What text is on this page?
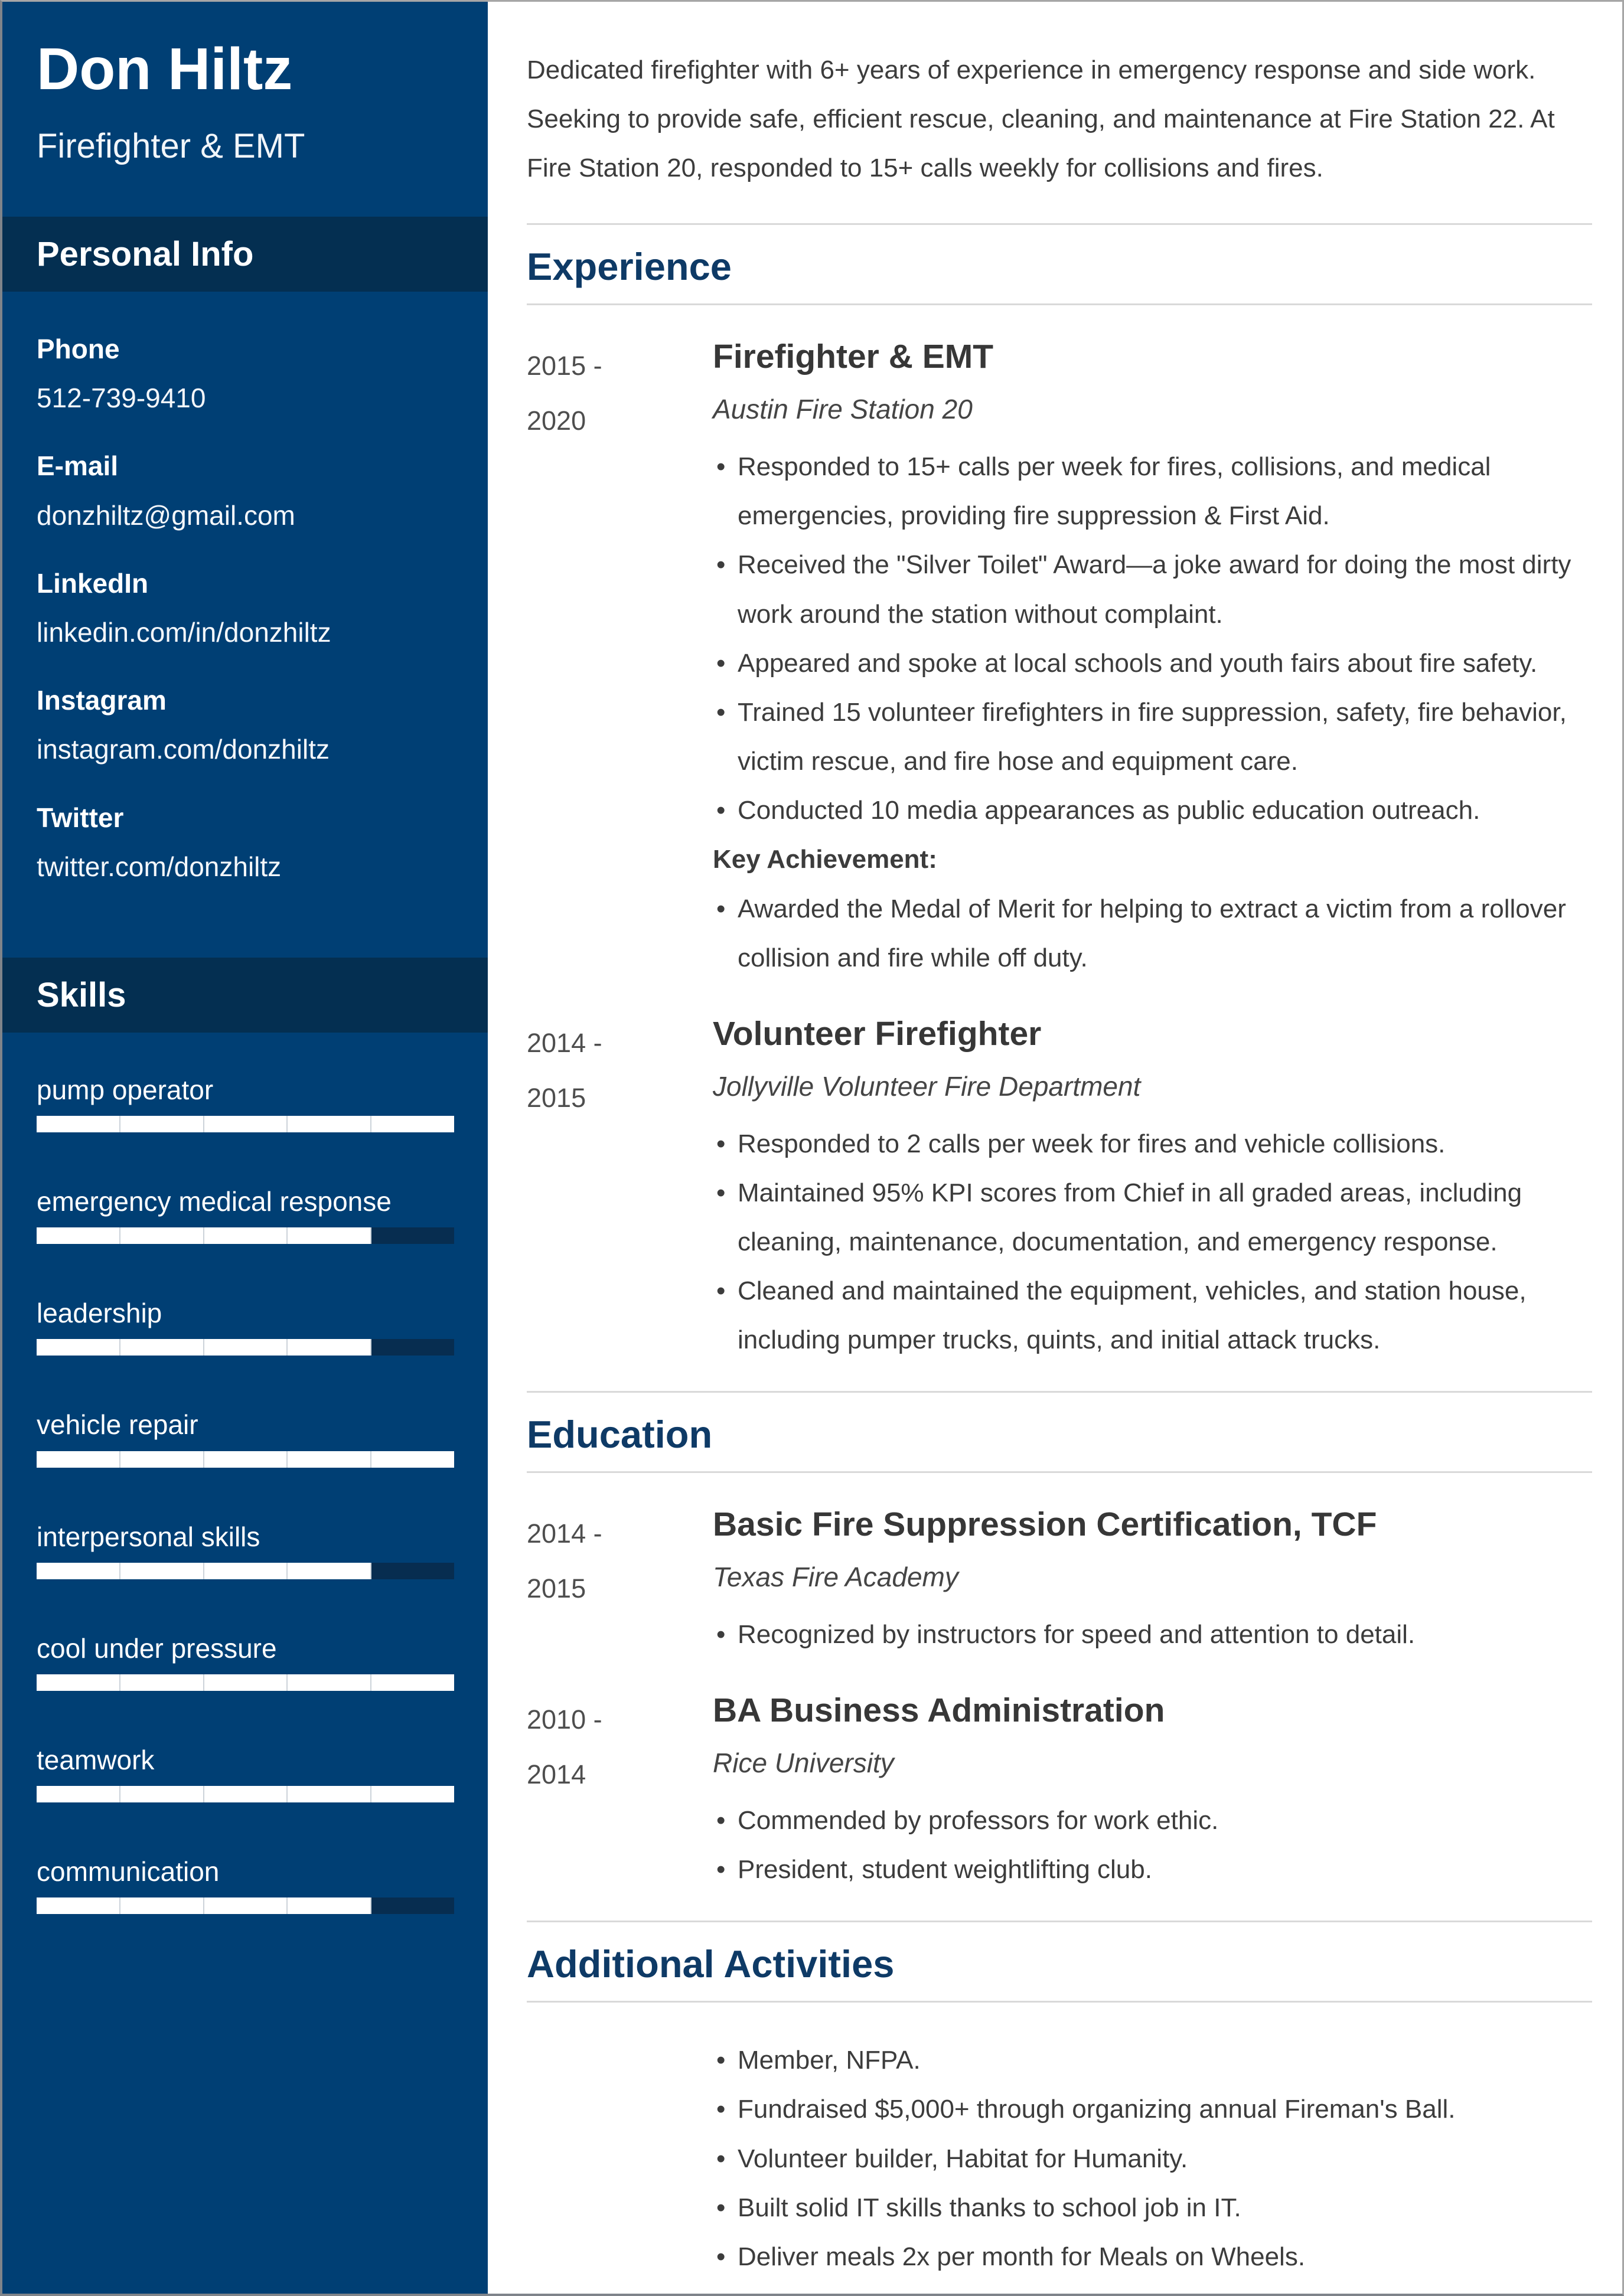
Don Hiltz
Firefighter & EMT
Personal Info
Phone
512-739-9410
E-mail
donzhiltz@gmail.com
LinkedIn
linkedin.com/in/donzhiltz
Instagram
instagram.com/donzhiltz
Twitter
twitter.com/donzhiltz
Skills
pump operator
emergency medical response
leadership
vehicle repair
interpersonal skills
cool under pressure
teamwork
communication

Dedicated firefighter with 6+ years of experience in emergency response and side work. Seeking to provide safe, efficient rescue, cleaning, and maintenance at Fire Station 22. At Fire Station 20, responded to 15+ calls weekly for collisions and fires.

Experience
2015 -
2020
Firefighter & EMT
Austin Fire Station 20
• Responded to 15+ calls per week for fires, collisions, and medical emergencies, providing fire suppression & First Aid.
• Received the "Silver Toilet" Award—a joke award for doing the most dirty work around the station without complaint.
• Appeared and spoke at local schools and youth fairs about fire safety.
• Trained 15 volunteer firefighters in fire suppression, safety, fire behavior, victim rescue, and fire hose and equipment care.
• Conducted 10 media appearances as public education outreach.
Key Achievement:
• Awarded the Medal of Merit for helping to extract a victim from a rollover collision and fire while off duty.
2014 -
2015
Volunteer Firefighter
Jollyville Volunteer Fire Department
• Responded to 2 calls per week for fires and vehicle collisions.
• Maintained 95% KPI scores from Chief in all graded areas, including cleaning, maintenance, documentation, and emergency response.
• Cleaned and maintained the equipment, vehicles, and station house, including pumper trucks, quints, and initial attack trucks.
Education
2014 -
2015
Basic Fire Suppression Certification, TCF
Texas Fire Academy
• Recognized by instructors for speed and attention to detail.
2010 -
2014
BA Business Administration
Rice University
• Commended by professors for work ethic.
• President, student weightlifting club.
Additional Activities
• Member, NFPA.
• Fundraised $5,000+ through organizing annual Fireman's Ball.
• Volunteer builder, Habitat for Humanity.
• Built solid IT skills thanks to school job in IT.
• Deliver meals 2x per month for Meals on Wheels.
